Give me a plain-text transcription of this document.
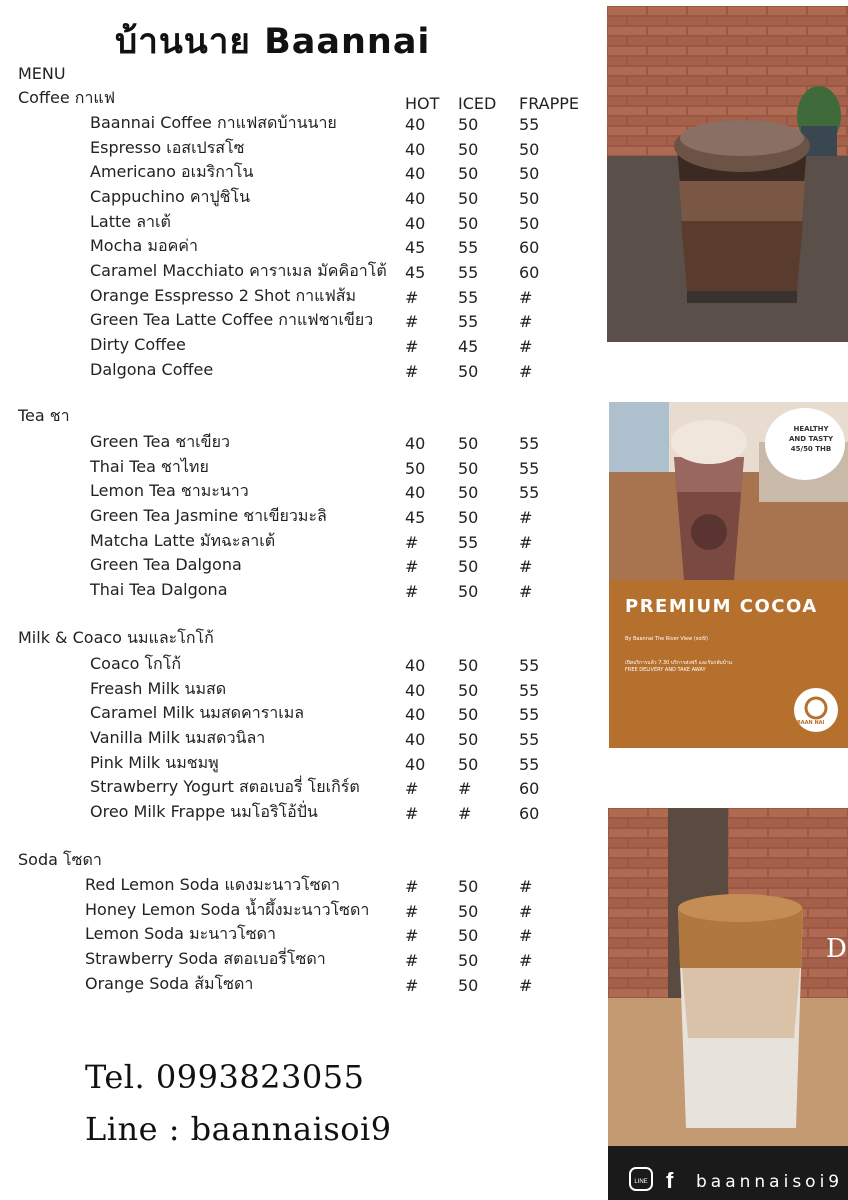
บ้านนาย Baannai
MENU
HOT ICED FRAPPE
Coffee กาแฟ
Baannai Coffee กาแฟสดบ้านนาย	40 50	55
Espresso เอสเปรสโซ	40 50	50
Americano อเมริกาโน	40 50	50
Cappuchino คาปูชิโน	40 50	50
Latte ลาเต้	40 50	50
Mocha มอคค่า	45 55	60
Caramel Macchiato คาราเมล มัคคิอาโต้ 45 55	60
Orange Esspresso 2 Shot กาแฟส้ม	# 55	#
Green Tea Latte Coffee กาแฟชาเขียว # 55	#
Dirty Coffee	# 45	#
Dalgona Coffee	# 50	#
Tea ชา
Green Tea ชาเขียว	40 50	55
Thai Tea ชาไทย	50 50	55
Lemon Tea ชามะนาว	40 50	55
Green Tea Jasmine ชาเขียวมะลิ	45 50	#
Matcha Latte มัทฉะลาเต้	# 55	#
Green Tea Dalgona	# 50	#
Thai Tea Dalgona	# 50	#
Milk & Coaco นมและโกโก้
Coaco โกโก้	40 50	55
Freash Milk นมสด	40 50	55
Caramel Milk นมสดคาราเมล	40 50	55
Vanilla Milk นมสดวนิลา	40 50	55
Pink Milk นมชมพู	40 50	55
Strawberry Yogurt สตอเบอรี่ โยเกิร์ต	# #	60
Oreo Milk Frappe นมโอริโอ้ปั่น	# #	60
Soda โซดา
Red Lemon Soda แดงมะนาวโซดา	# 50	#
Honey Lemon Soda น้ำผึ้งมะนาวโซดา # 50	#
Lemon Soda มะนาวโซดา	# 50	#
Strawberry Soda สตอเบอรี่โซดา	# 50	#
Orange Soda ส้มโซดา	# 50	#
Tel. 0993823055
Line : baannaisoi9
HEALTHY
AND TASTY
45/50 THB
PREMIUM COCOA
By Baannai The River View (soi9)
เปิดบริการแล้ว 7.30 บริการส่งฟรี และรับกลับบ้าน
FREE DELIVERY AND TAKE AWAY
BAAN NAI
LINE f
D
baannaisoi9
